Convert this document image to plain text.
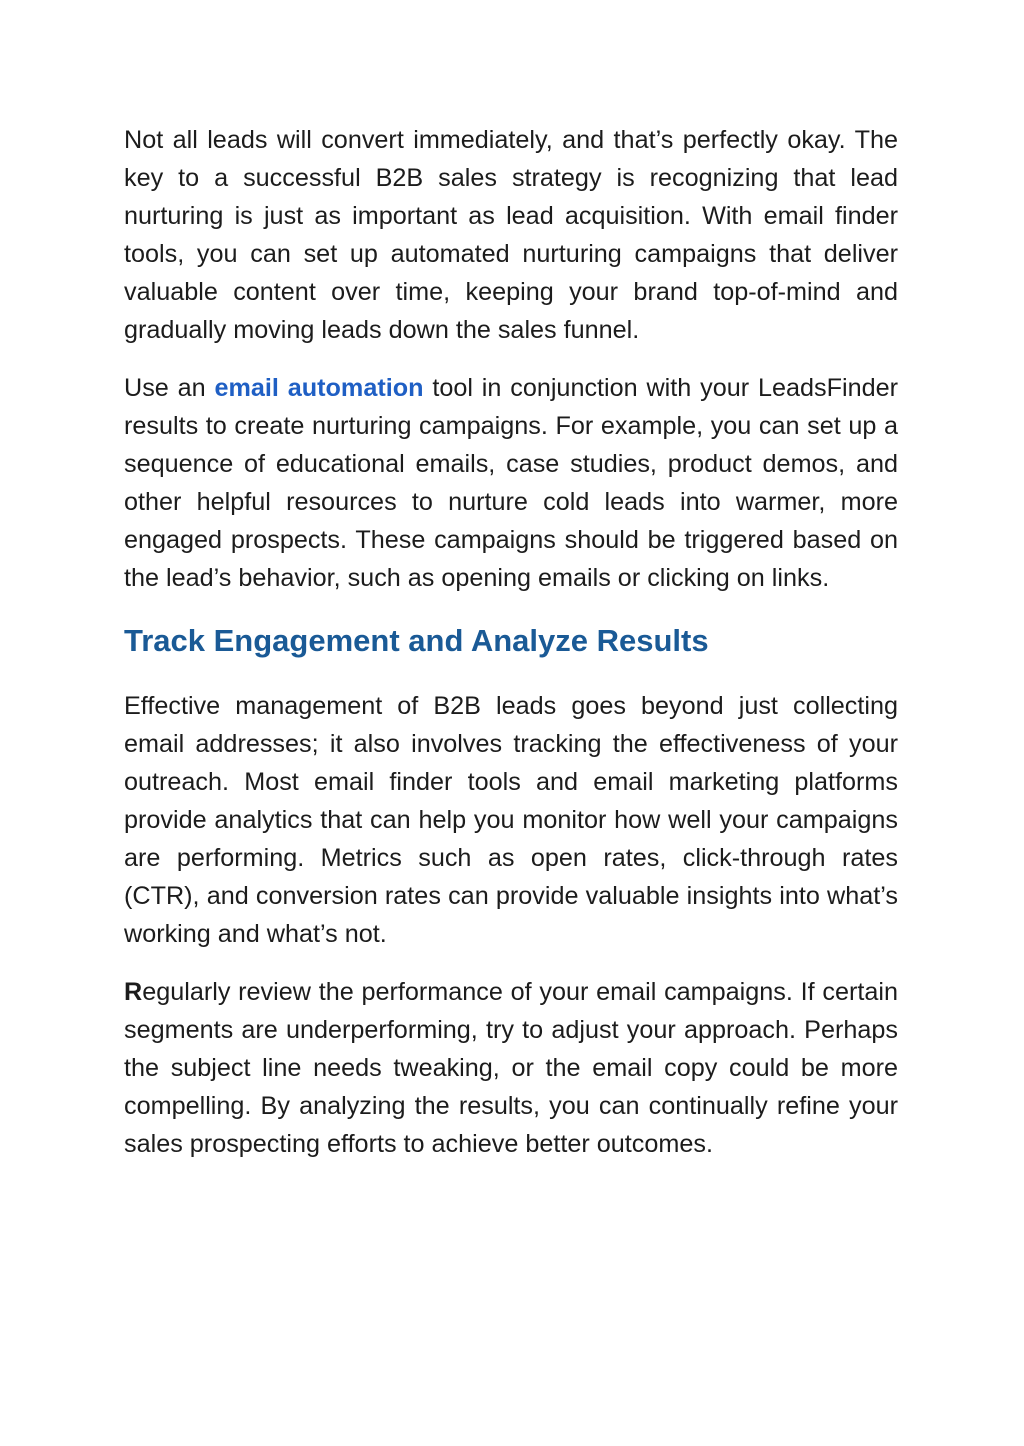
Not all leads will convert immediately, and that’s perfectly okay. The key to a successful B2B sales strategy is recognizing that lead nurturing is just as important as lead acquisition. With email finder tools, you can set up automated nurturing campaigns that deliver valuable content over time, keeping your brand top-of-mind and gradually moving leads down the sales funnel.

Use an email automation tool in conjunction with your LeadsFinder results to create nurturing campaigns. For example, you can set up a sequence of educational emails, case studies, product demos, and other helpful resources to nurture cold leads into warmer, more engaged prospects. These campaigns should be triggered based on the lead’s behavior, such as opening emails or clicking on links.

Track Engagement and Analyze Results

Effective management of B2B leads goes beyond just collecting email addresses; it also involves tracking the effectiveness of your outreach. Most email finder tools and email marketing platforms provide analytics that can help you monitor how well your campaigns are performing. Metrics such as open rates, click-through rates (CTR), and conversion rates can provide valuable insights into what’s working and what’s not.

Regularly review the performance of your email campaigns. If certain segments are underperforming, try to adjust your approach. Perhaps the subject line needs tweaking, or the email copy could be more compelling. By analyzing the results, you can continually refine your sales prospecting efforts to achieve better outcomes.
